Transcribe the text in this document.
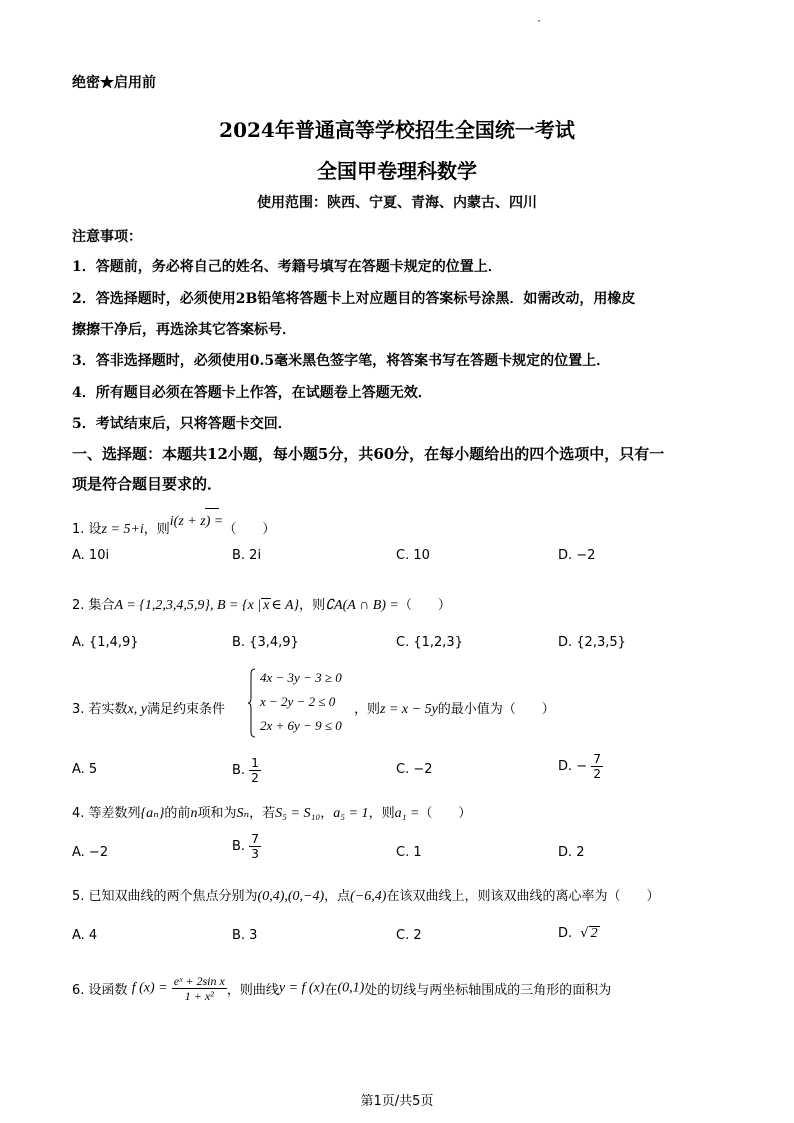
绝密★启用前
2024年普通高等学校招生全国统一考试
全国甲卷理科数学
使用范围：陕西、宁夏、青海、内蒙古、四川
注意事项：
1．答题前，务必将自己的姓名、考籍号填写在答题卡规定的位置上．
2．答选择题时，必须使用2B铅笔将答题卡上对应题目的答案标号涂黑．如需改动，用橡皮
擦擦干净后，再选涂其它答案标号．
3．答非选择题时，必须使用0.5毫米黑色签字笔，将答案书写在答题卡规定的位置上．
4．所有题目必须在答题卡上作答，在试题卷上答题无效．
5．考试结束后，只将答题卡交回．
一、选择题：本题共12小题，每小题5分，共60分，在每小题给出的四个选项中，只有一
项是符合题目要求的．
1. 设z = 5+i，则i(z + z) =（　　）
A. 10i	B. 2i	C. 10	D. −2
2. 集合A = {1,2,3,4,5,9}, B = {x | x ∈ A}，则∁A(A ∩ B) =（　　）
A. {1,4,9}	B. {3,4,9}	C. {1,2,3}	D. {2,3,5}
3. 若实数x, y满足约束条件
4x − 3y − 3 ≥ 0
x − 2y − 2 ≤ 0
2x + 6y − 9 ≤ 0
，则z = x − 5y的最小值为（　　）
A. 5	B. $\frac{1}{2}$	C. −2	D. − $\frac{7}{2}$
4. 等差数列{aₙ}的前n项和为Sₙ，若S₅ = S₁₀，a₅ = 1，则a₁ =（　　）
A. −2	B. $\frac{7}{3}$	C. 1	D. 2
5. 已知双曲线的两个焦点分别为(0,4),(0,−4)，点(−6,4)在该双曲线上，则该双曲线的离心率为（　　）
A. 4	B. 3	C. 2	D. √ 2
6. 设函数 f $(x) = \frac{\text{eˣ + 2sin x}}{\text{1 + x²}}$ ，则曲线y = f (x)在(0,1)处的切线与两坐标轴围成的三角形的面积为
第1页/共5页
